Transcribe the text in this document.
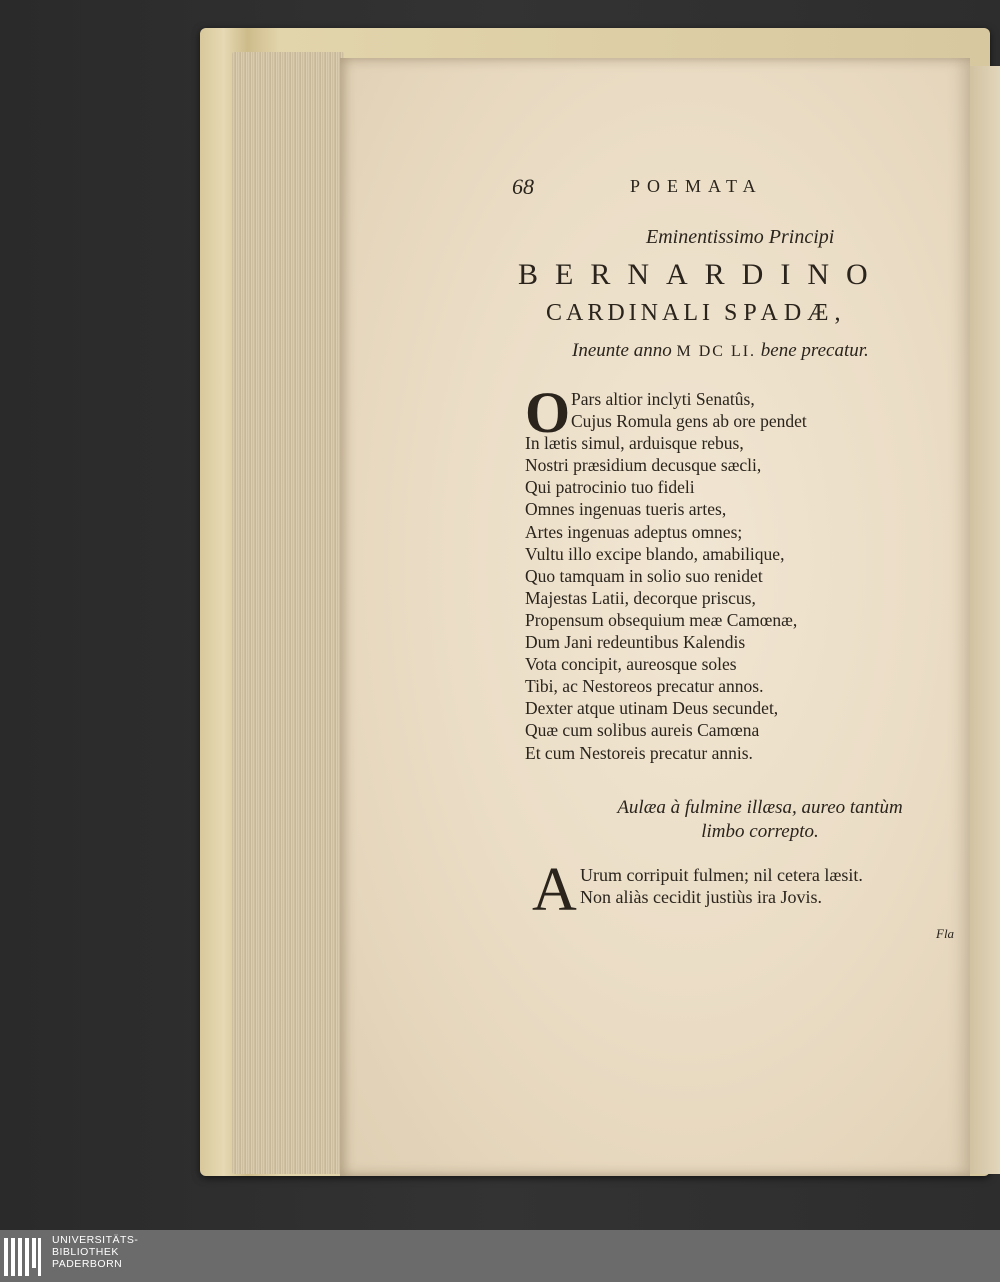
68	POEMATA
Eminentissimo Principi
BERNARDINO
CARDINALI SPADÆ,
Ineunte anno M DC LI. bene precatur.
O Pars altior inclyti Senatûs,
Cujus Romula gens ab ore pendet
In lætis simul, arduisque rebus,
Nostri præsidium decusque sæcli,
Qui patrocinio tuo fideli
Omnes ingenuas tueris artes,
Artes ingenuas adeptus omnes;
Vultu illo excipe blando, amabilique,
Quo tamquam in solio suo renidet
Majestas Latii, decorque priscus,
Propensum obsequium meæ Camœnæ,
Dum Jani redeuntibus Kalendis
Vota concipit, aureosque soles
Tibi, ac Nestoreos precatur annos.
Dexter atque utinam Deus secundet,
Quæ cum solibus aureis Camœna
Et cum Nestoreis precatur annis.
Aulæa à fulmine illæsa, aureo tantùm
limbo correpto.
A Urum corripuit fulmen; nil cetera læsit.
Non aliàs cecidit justiùs ira Jovis.
Fla
UNIVERSITÄTS-
BIBLIOTHEK
PADERBORN
